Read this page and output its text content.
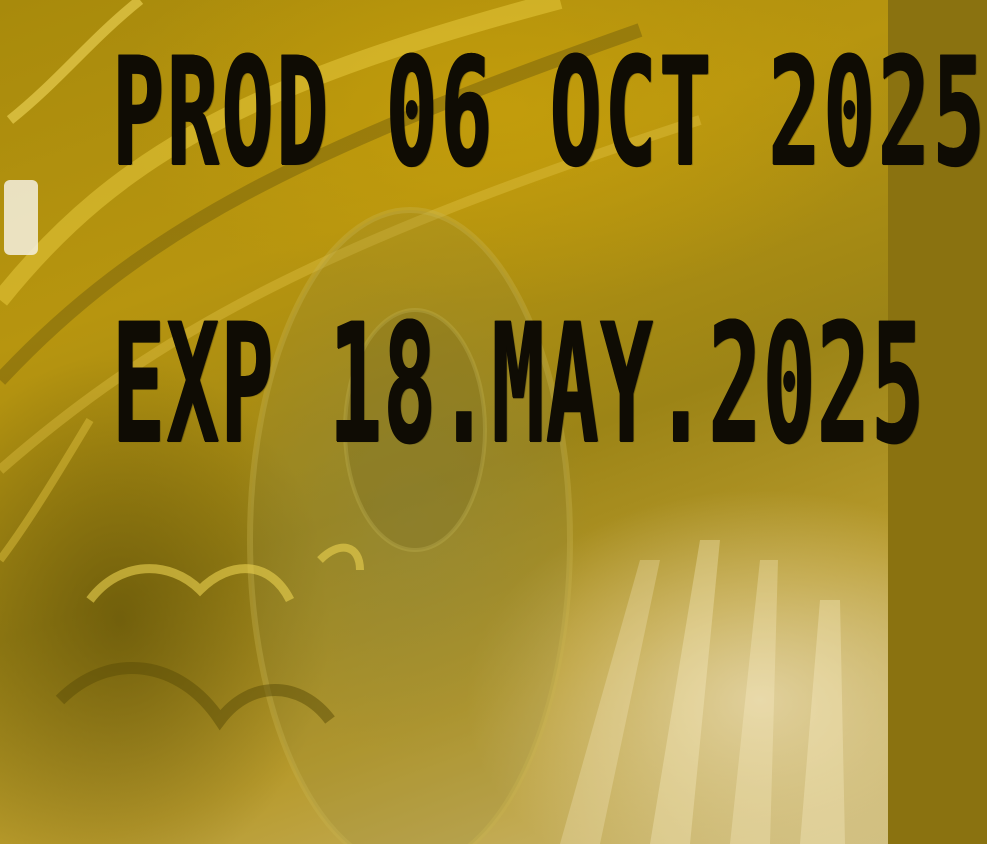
PROD 06 OCT 2025

EXP 18.MAY.2025
